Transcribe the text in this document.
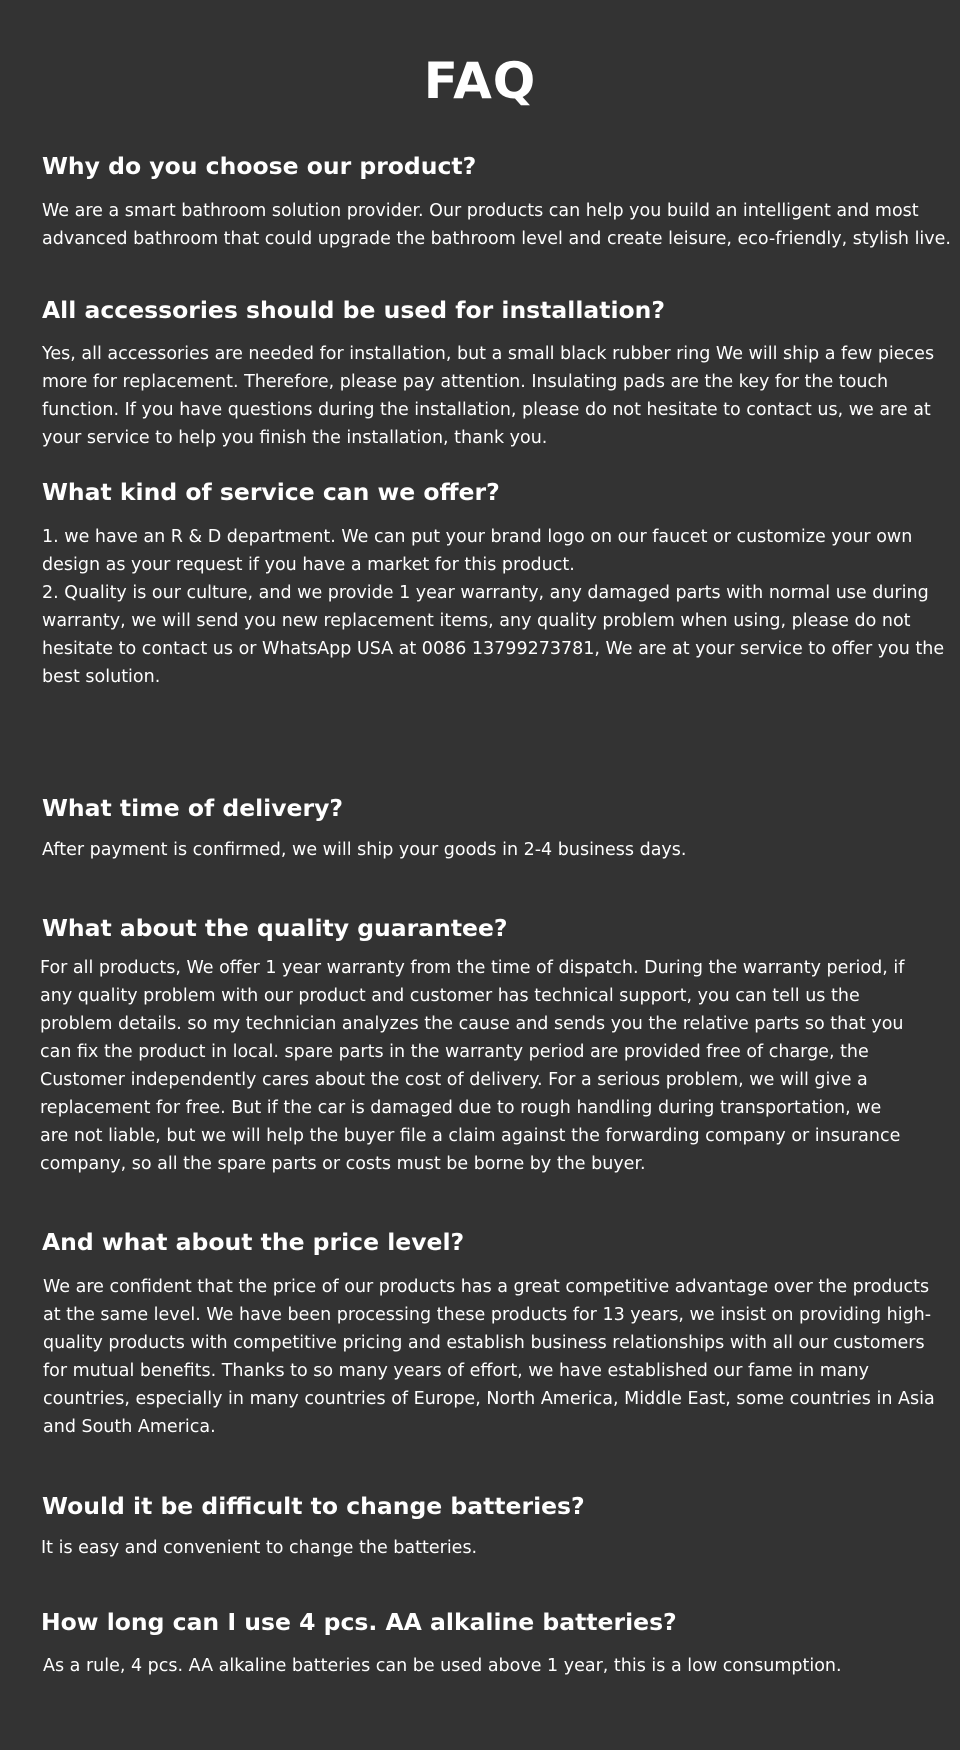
FAQ
Why do you choose our product?

We are a smart bathroom solution provider. Our products can help you build an intelligent and most
advanced bathroom that could upgrade the bathroom level and create leisure, eco-friendly, stylish live.

All accessories should be used for installation?

Yes, all accessories are needed for installation, but a small black rubber ring We will ship a few pieces
more for replacement. Therefore, please pay attention. Insulating pads are the key for the touch
function. If you have questions during the installation, please do not hesitate to contact us, we are at
your service to help you finish the installation, thank you.

What kind of service can we offer?

1. we have an R & D department. We can put your brand logo on our faucet or customize your own
design as your request if you have a market for this product.
2. Quality is our culture, and we provide 1 year warranty, any damaged parts with normal use during
warranty, we will send you new replacement items, any quality problem when using, please do not
hesitate to contact us or WhatsApp USA at 0086 13799273781, We are at your service to offer you the
best solution.

What time of delivery?

After payment is confirmed, we will ship your goods in 2-4 business days.

What about the quality guarantee?

For all products, We offer 1 year warranty from the time of dispatch. During the warranty period, if
any quality problem with our product and customer has technical support, you can tell us the
problem details. so my technician analyzes the cause and sends you the relative parts so that you
can fix the product in local. spare parts in the warranty period are provided free of charge, the
Customer independently cares about the cost of delivery. For a serious problem, we will give a
replacement for free. But if the car is damaged due to rough handling during transportation, we
are not liable, but we will help the buyer file a claim against the forwarding company or insurance
company, so all the spare parts or costs must be borne by the buyer.

And what about the price level?

We are confident that the price of our products has a great competitive advantage over the products
at the same level. We have been processing these products for 13 years, we insist on providing high-
quality products with competitive pricing and establish business relationships with all our customers
for mutual benefits. Thanks to so many years of effort, we have established our fame in many
countries, especially in many countries of Europe, North America, Middle East, some countries in Asia
and South America.

Would it be difficult to change batteries?

It is easy and convenient to change the batteries.

How long can I use 4 pcs. AA alkaline batteries?

As a rule, 4 pcs. AA alkaline batteries can be used above 1 year, this is a low consumption.
